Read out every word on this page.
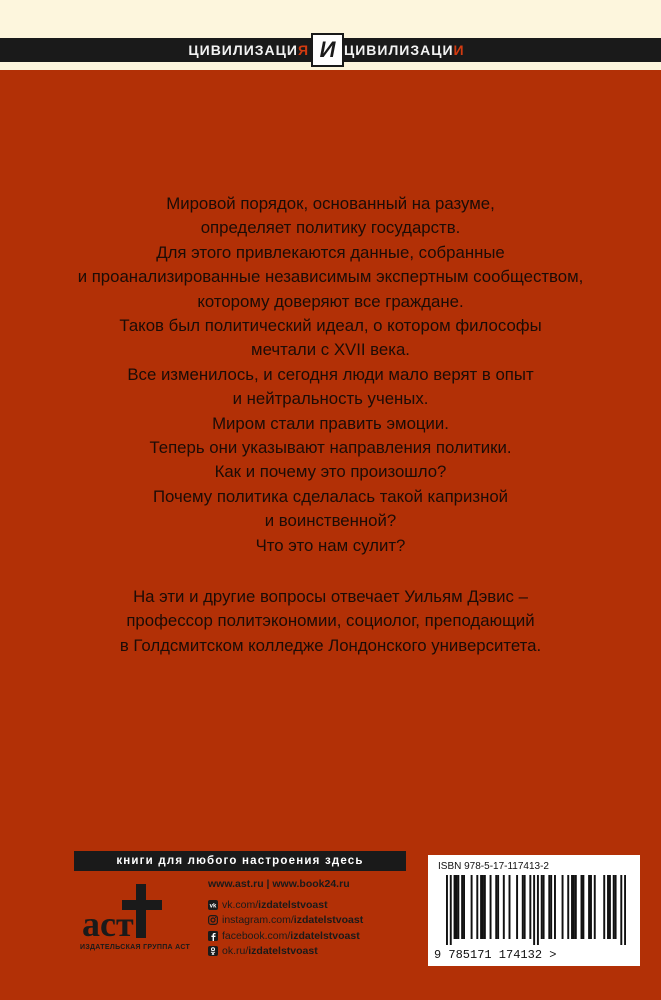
ЦИВИЛИЗАЦИЯ	ЦИВИЛИЗАЦИИ
И

Мировой порядок, основанный на разуме,

определяет политику государств.

Для этого привлекаются данные, собранные

и проанализированные независимым экспертным сообществом,

которому доверяют все граждане.

Таков был политический идеал, о котором философы

мечтали с XVII века.

Все изменилось, и сегодня люди мало верят в опыт

и нейтральность ученых.

Миром стали править эмоции.

Теперь они указывают направления политики.

Как и почему это произошло?

Почему политика сделалась такой капризной

и воинственной?

Что это нам сулит?

На эти и другие вопросы отвечает Уильям Дэвис –

профессор политэкономии, социолог, преподающий

в Голдсмитском колледже Лондонского университета.

книги для любого настроения здесь
аст
ИЗДАТЕЛЬСКАЯ ГРУППА АСТ
www.ast.ru | www.book24.ru
vk vk.com/ izdatelstvoast
instagram.com/ izdatelstvoast
facebook.com/ izdatelstvoast
ok.ru/ izdatelstvoast
ISBN 978-5-17-117413-2
9 785171 174132 >
